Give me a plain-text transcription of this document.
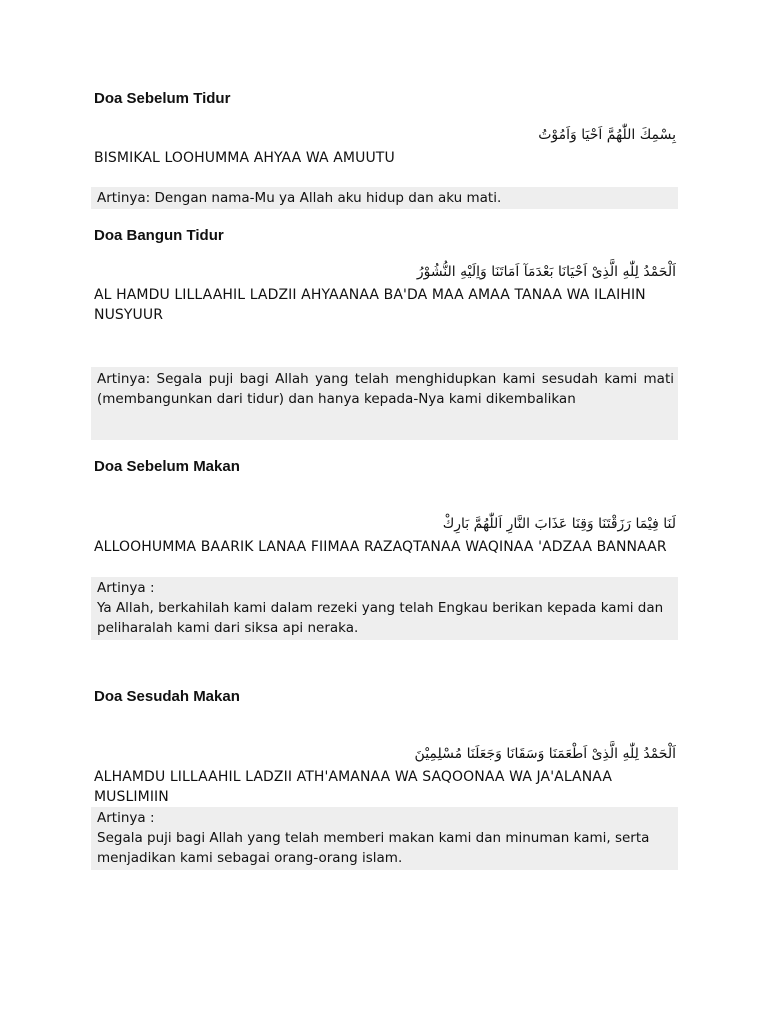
Doa Sebelum Tidur
بِسْمِكَ اللّٰهُمَّ اَحْيَا وَاَمُوْتُ
BISMIKAL LOOHUMMA AHYAA WA AMUUTU
Artinya: Dengan nama-Mu ya Allah aku hidup dan aku mati.
Doa Bangun Tidur
اَلْحَمْدُ لِلّٰهِ الَّذِىْ اَحْيَانَا بَعْدَمَآ اَمَاتَنَا وَاِلَيْهِ النُّشُوْرُ
AL HAMDU LILLAAHIL LADZII AHYAANAA BA'DA MAA AMAA TANAA WA ILAIHIN NUSYUUR
Artinya: Segala puji bagi Allah yang telah menghidupkan kami sesudah kami mati (membangunkan dari tidur) dan hanya kepada-Nya kami dikembalikan
Doa Sebelum Makan
لَنَا فِيْمَا رَزَقْتَنَا وَقِنَا عَذَابَ النَّارِ اَللّٰهُمَّ بَارِكْ
ALLOOHUMMA BAARIK LANAA FIIMAA RAZAQTANAA WAQINAA 'ADZAA BANNAAR
Artinya :
Ya Allah, berkahilah kami dalam rezeki yang telah Engkau berikan kepada kami dan peliharalah kami dari siksa api neraka.
Doa Sesudah Makan
اَلْحَمْدُ لِلّٰهِ الَّذِىْ اَطْعَمَنَا وَسَقَانَا وَجَعَلَنَا مُسْلِمِيْنَ
ALHAMDU LILLAAHIL LADZII ATH'AMANAA WA SAQOONAA WA JA'ALANAA MUSLIMIIN
Artinya :
Segala puji bagi Allah yang telah memberi makan kami dan minuman kami, serta menjadikan kami sebagai orang-orang islam.
